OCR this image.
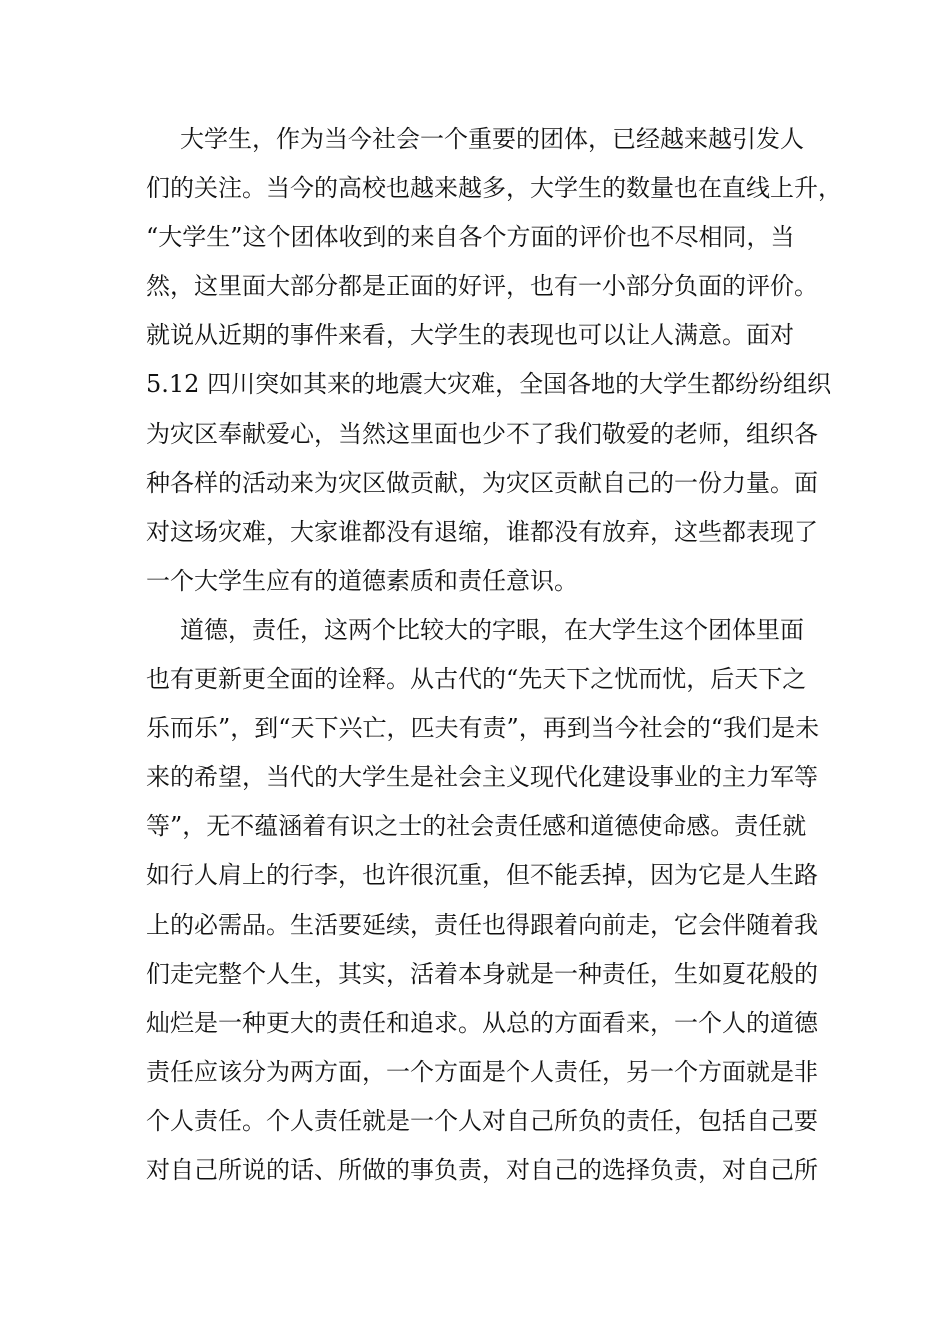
大学生，作为当今社会一个重要的团体，已经越来越引发人
们的关注。当今的高校也越来越多，大学生的数量也在直线上升，
“大学生”这个团体收到的来自各个方面的评价也不尽相同，当
然，这里面大部分都是正面的好评，也有一小部分负面的评价。
就说从近期的事件来看，大学生的表现也可以让人满意。面对
5.12 四川突如其来的地震大灾难，全国各地的大学生都纷纷组织
为灾区奉献爱心，当然这里面也少不了我们敬爱的老师，组织各
种各样的活动来为灾区做贡献，为灾区贡献自己的一份力量。面
对这场灾难，大家谁都没有退缩，谁都没有放弃，这些都表现了
一个大学生应有的道德素质和责任意识。
道德，责任，这两个比较大的字眼，在大学生这个团体里面
也有更新更全面的诠释。从古代的“先天下之忧而忧，后天下之
乐而乐”，到“天下兴亡，匹夫有责”，再到当今社会的“我们是未
来的希望，当代的大学生是社会主义现代化建设事业的主力军等
等”，无不蕴涵着有识之士的社会责任感和道德使命感。责任就
如行人肩上的行李，也许很沉重，但不能丢掉，因为它是人生路
上的必需品。生活要延续，责任也得跟着向前走，它会伴随着我
们走完整个人生，其实，活着本身就是一种责任，生如夏花般的
灿烂是一种更大的责任和追求。从总的方面看来，一个人的道德
责任应该分为两方面，一个方面是个人责任，另一个方面就是非
个人责任。个人责任就是一个人对自己所负的责任，包括自己要
对自己所说的话、所做的事负责，对自己的选择负责，对自己所
